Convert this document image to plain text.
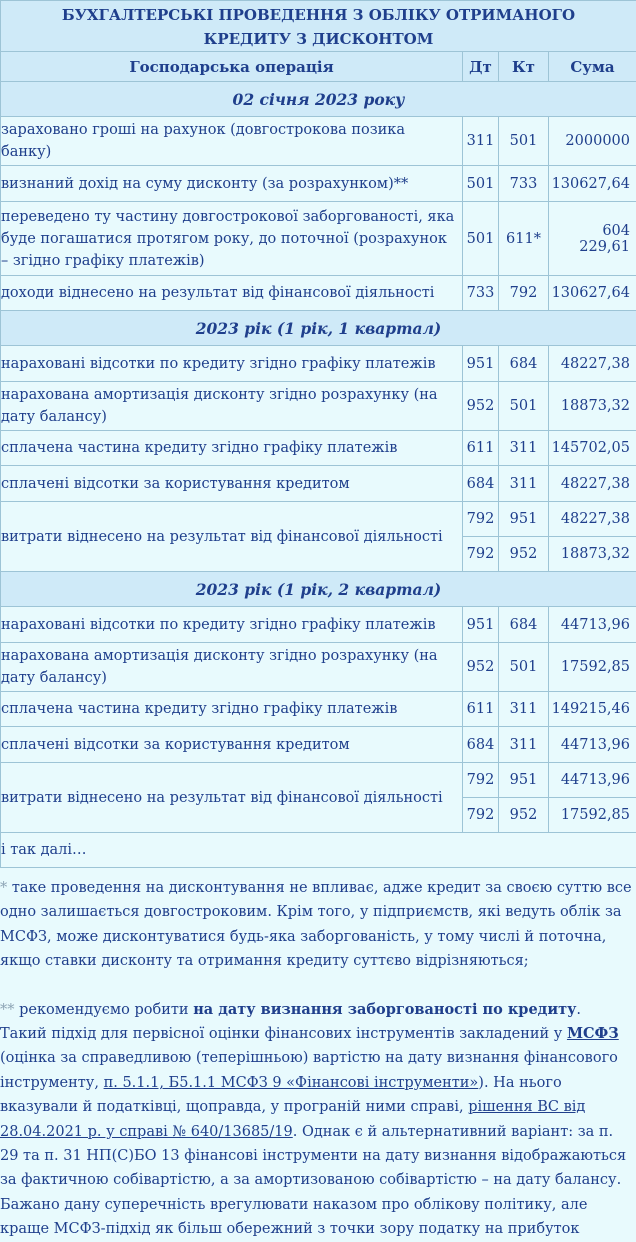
БУХГАЛТЕРСЬКІ ПРОВЕДЕННЯ З ОБЛІКУ ОТРИМАНОГО КРЕДИТУ З ДИСКОНТОМ			
Господарська операція	Дт	Кт	Сума
02 січня 2023 року			
зараховано гроші на рахунок (довгострокова позика банку)	311	501	2000000
визнаний дохід на суму дисконту (за розрахунком)**	501	733	130627,64
переведено ту частину довгострокової заборгованості, яка буде погашатися протягом року, до поточної (розрахунок – згідно графіку платежів)	501	611*	604 229,61
доходи віднесено на результат від фінансової діяльності	733	792	130627,64
2023 рік (1 рік, 1 квартал)			
нараховані відсотки по кредиту згідно графіку платежів	951	684	48227,38
нарахована амортизація дисконту згідно розрахунку (на дату балансу)	952	501	18873,32
сплачена частина кредиту згідно графіку платежів	611	311	145702,05
сплачені відсотки за користування кредитом	684	311	48227,38
витрати віднесено на результат від фінансової діяльності	792	951	48227,38
	792	952	18873,32
2023 рік (1 рік, 2 квартал)			
нараховані відсотки по кредиту згідно графіку платежів	951	684	44713,96
нарахована амортизація дисконту згідно розрахунку (на дату балансу)	952	501	17592,85
сплачена частина кредиту згідно графіку платежів	611	311	149215,46
сплачені відсотки за користування кредитом	684	311	44713,96
витрати віднесено на результат від фінансової діяльності	792	951	44713,96
	792	952	17592,85
і так далі…			

* таке проведення на дисконтування не впливає, адже кредит за своєю суттю все одно залишається довгостроковим. Крім того, у підприємств, які ведуть облік за МСФЗ, може дисконтуватися будь-яка заборгованість, у тому числі й поточна, якщо ставки дисконту та отримання кредиту суттєво відрізняються;

** рекомендуємо робити на дату визнання заборгованості по кредиту. Такий підхід для первісної оцінки фінансових інструментів закладений у МСФЗ (оцінка за справедливою (теперішньою) вартістю на дату визнання фінансового інструменту, п. 5.1.1, Б5.1.1 МСФЗ 9 «Фінансові інструменти»). На нього вказували й податківці, щоправда, у програній ними справі, рішення ВС від 28.04.2021 р. у справі № 640/13685/19. Однак є й альтернативний варіант: за п. 29 та п. 31 НП(С)БО 13 фінансові інструменти на дату визнання відображаються за фактичною собівартістю, а за амортизованою собівартістю – на дату балансу. Бажано дану суперечність врегулювати наказом про облікову політику, але краще МСФЗ-підхід як більш обережний з точки зору податку на прибуток
